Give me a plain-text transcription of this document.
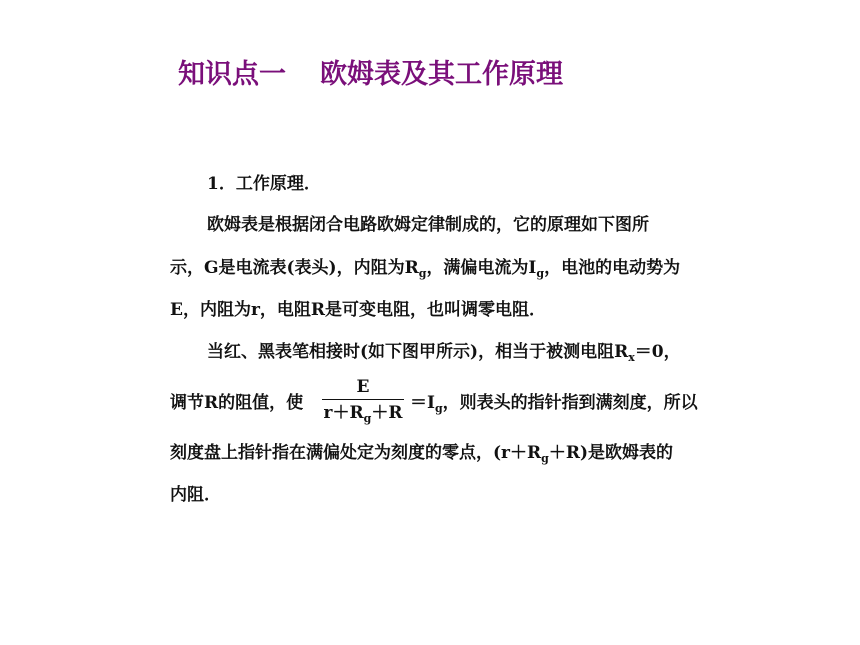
知识点一 欧姆表及其工作原理
1．工作原理．
欧姆表是根据闭合电路欧姆定律制成的，它的原理如下图所
示，G是电流表(表头)，内阻为$R_g$，满偏电流为$I_g$，电池的电动势为
E，内阻为r，电阻R是可变电阻，也叫调零电阻．
当红、黑表笔相接时(如下图甲所示)，相当于被测电阻$R_x=0$，
调节R的阻值，使
E
$r+R_g+R =I_g$，则表头的指针指到满刻度，所以
刻度盘上指针指在满偏处定为刻度的零点，$(r+R_g+R)$是欧姆表的
内阻．
